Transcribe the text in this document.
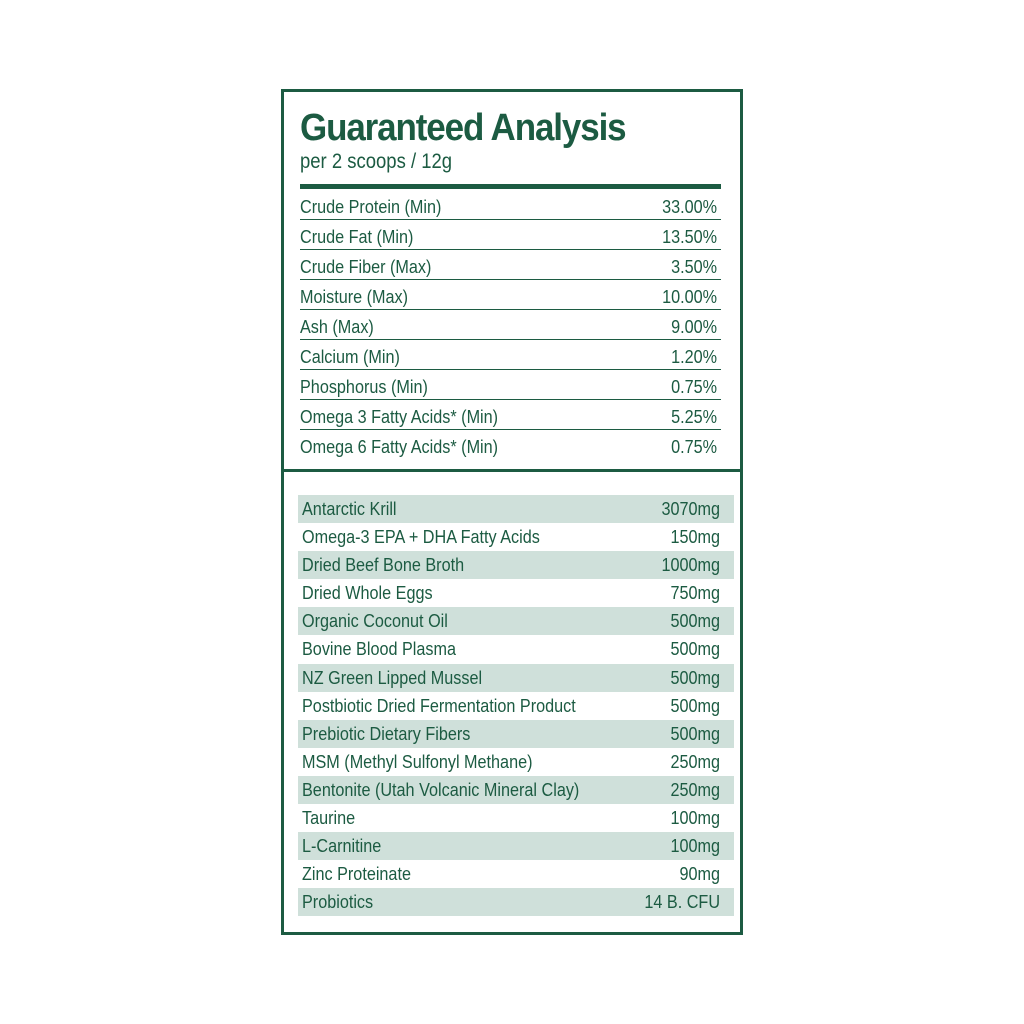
Guaranteed Analysis
per 2 scoops / 12g
Crude Protein (Min)	33.00%
Crude Fat (Min)	13.50%
Crude Fiber (Max)	3.50%
Moisture (Max)	10.00%
Ash (Max)	9.00%
Calcium (Min)	1.20%
Phosphorus (Min)	0.75%
Omega 3 Fatty Acids* (Min)	5.25%
Omega 6 Fatty Acids* (Min)	0.75%
Antarctic Krill	3070mg
Omega-3 EPA + DHA Fatty Acids	150mg
Dried Beef Bone Broth	1000mg
Dried Whole Eggs	750mg
Organic Coconut Oil	500mg
Bovine Blood Plasma	500mg
NZ Green Lipped Mussel	500mg
Postbiotic Dried Fermentation Product	500mg
Prebiotic Dietary Fibers	500mg
MSM (Methyl Sulfonyl Methane)	250mg
Bentonite (Utah Volcanic Mineral Clay)	250mg
Taurine	100mg
L-Carnitine	100mg
Zinc Proteinate	90mg
Probiotics	14 B. CFU
